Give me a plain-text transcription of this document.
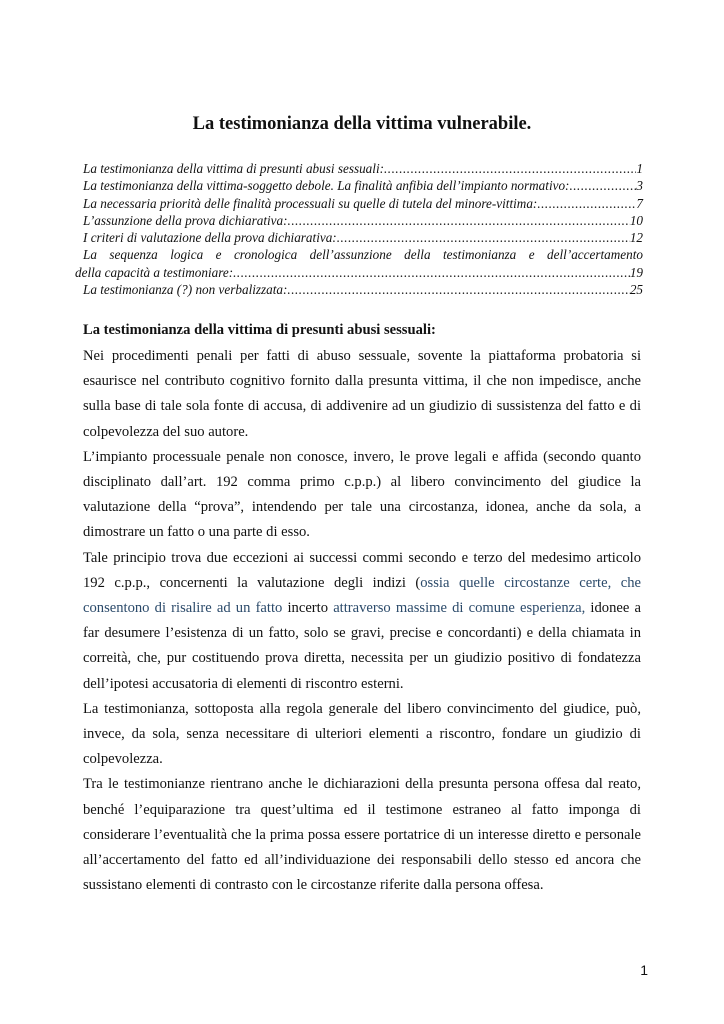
La testimonianza della vittima vulnerabile.
La testimonianza della vittima di presunti abusi sessuali: .....	1
La testimonianza della vittima-soggetto debole. La finalità anfibia dell’impianto normativo: .....	3
La necessaria priorità delle finalità processuali su quelle di tutela del minore-vittima: .....	7
L’assunzione della prova dichiarativa: .....	10
I criteri di valutazione della prova dichiarativa: .....	12
La sequenza logica e cronologica dell’assunzione della testimonianza e dell’accertamento
della capacità a testimoniare: .....	19
La testimonianza (?) non verbalizzata: .....	25
La testimonianza della vittima di presunti abusi sessuali:

Nei procedimenti penali per fatti di abuso sessuale, sovente la piattaforma probatoria si esaurisce nel contributo cognitivo fornito dalla presunta vittima, il che non impedisce, anche sulla base di tale sola fonte di accusa, di addivenire ad un giudizio di sussistenza del fatto e di colpevolezza del suo autore.

L’impianto processuale penale non conosce, invero, le prove legali e affida (secondo quanto disciplinato dall’art. 192 comma primo c.p.p.) al libero convincimento del giudice la valutazione della “prova”, intendendo per tale una circostanza, idonea, anche da sola, a dimostrare un fatto o una parte di esso.

Tale principio trova due eccezioni ai successi commi secondo e terzo del medesimo articolo 192 c.p.p., concernenti la valutazione degli indizi (ossia quelle circostanze certe, che consentono di risalire ad un fatto incerto attraverso massime di comune esperienza, idonee a far desumere l’esistenza di un fatto, solo se gravi, precise e concordanti) e della chiamata in correità, che, pur costituendo prova diretta, necessita per un giudizio positivo di fondatezza dell’ipotesi accusatoria di elementi di riscontro esterni.

La testimonianza, sottoposta alla regola generale del libero convincimento del giudice, può, invece, da sola, senza necessitare di ulteriori elementi a riscontro, fondare un giudizio di colpevolezza.

Tra le testimonianze rientrano anche le dichiarazioni della presunta persona offesa dal reato, benché l’equiparazione tra quest’ultima ed il testimone estraneo al fatto imponga di considerare l’eventualità che la prima possa essere portatrice di un interesse diretto e personale all’accertamento del fatto ed all’individuazione dei responsabili dello stesso ed ancora che sussistano elementi di contrasto con le circostanze riferite dalla persona offesa.

1
